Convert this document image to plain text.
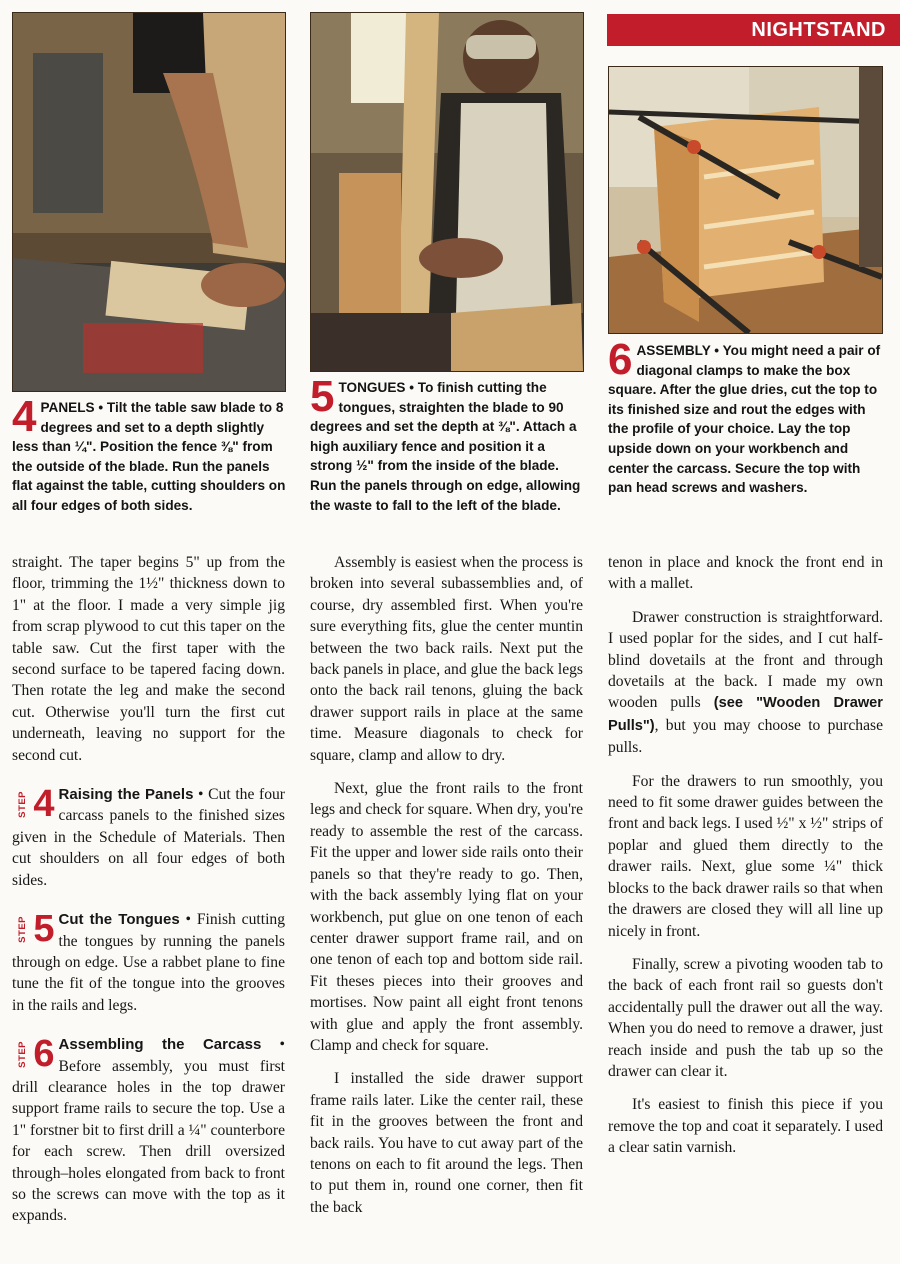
NIGHTSTAND
4 PANELS • Tilt the table saw blade to 8 degrees and set to a depth slightly less than ¼". Position the fence ⅜" from the outside of the blade. Run the panels flat against the table, cutting shoulders on all four edges of both sides.
5 TONGUES • To finish cutting the tongues, straighten the blade to 90 degrees and set the depth at ⅜". Attach a high auxiliary fence and position it a strong ½" from the inside of the blade. Run the panels through on edge, allowing the waste to fall to the left of the blade.
6 ASSEMBLY • You might need a pair of diagonal clamps to make the box square. After the glue dries, cut the top to its finished size and rout the edges with the profile of your choice. Lay the top upside down on your workbench and center the carcass. Secure the top with pan head screws and washers.

straight. The taper begins 5" up from the floor, trimming the 1½" thickness down to 1" at the floor. I made a very simple jig from scrap plywood to cut this taper on the table saw. Cut the first taper with the second surface to be tapered facing down. Then rotate the leg and make the second cut. Otherwise you'll turn the first cut underneath, leaving no support for the second cut.

STEP 4 Raising the Panels • Cut the four carcass panels to the finished sizes given in the Schedule of Materials. Then cut shoulders on all four edges of both sides.
STEP 5 Cut the Tongues • Finish cutting the tongues by running the panels through on edge. Use a rabbet plane to fine tune the fit of the tongue into the grooves in the rails and legs.
STEP 6 Assembling the Carcass • Before assembly, you must first drill clearance holes in the top drawer support frame rails to secure the top. Use a 1" forstner bit to first drill a ¼" counterbore for each screw. Then drill oversized through–holes elongated from back to front so the screws can move with the top as it expands.

Assembly is easiest when the process is broken into several subassemblies and, of course, dry assembled first. When you're sure everything fits, glue the center muntin between the two back rails. Next put the back panels in place, and glue the back legs onto the back rail tenons, gluing the back drawer support rails in place at the same time. Measure diagonals to check for square, clamp and allow to dry.

Next, glue the front rails to the front legs and check for square. When dry, you're ready to assemble the rest of the carcass. Fit the upper and lower side rails onto their panels so that they're ready to go. Then, with the back assembly lying flat on your workbench, put glue on one tenon of each center drawer support frame rail, and on one tenon of each top and bottom side rail. Fit theses pieces into their grooves and mortises. Now paint all eight front tenons with glue and apply the front assembly. Clamp and check for square.

I installed the side drawer support frame rails later. Like the center rail, these fit in the grooves between the front and back rails. You have to cut away part of the tenons on each to fit around the legs. Then to put them in, round one corner, then fit the back

tenon in place and knock the front end in with a mallet.

Drawer construction is straightforward. I used poplar for the sides, and I cut half-blind dovetails at the front and through dovetails at the back. I made my own wooden pulls (see "Wooden Drawer Pulls"), but you may choose to purchase pulls.

For the drawers to run smoothly, you need to fit some drawer guides between the front and back legs. I used ½" x ½" strips of poplar and glued them directly to the drawer rails. Next, glue some ¼" thick blocks to the back drawer rails so that when the drawers are closed they will all line up nicely in front.

Finally, screw a pivoting wooden tab to the back of each front rail so guests don't accidentally pull the drawer out all the way. When you do need to remove a drawer, just reach inside and push the tab up so the drawer can clear it.

It's easiest to finish this piece if you remove the top and coat it separately. I used a clear satin varnish.
